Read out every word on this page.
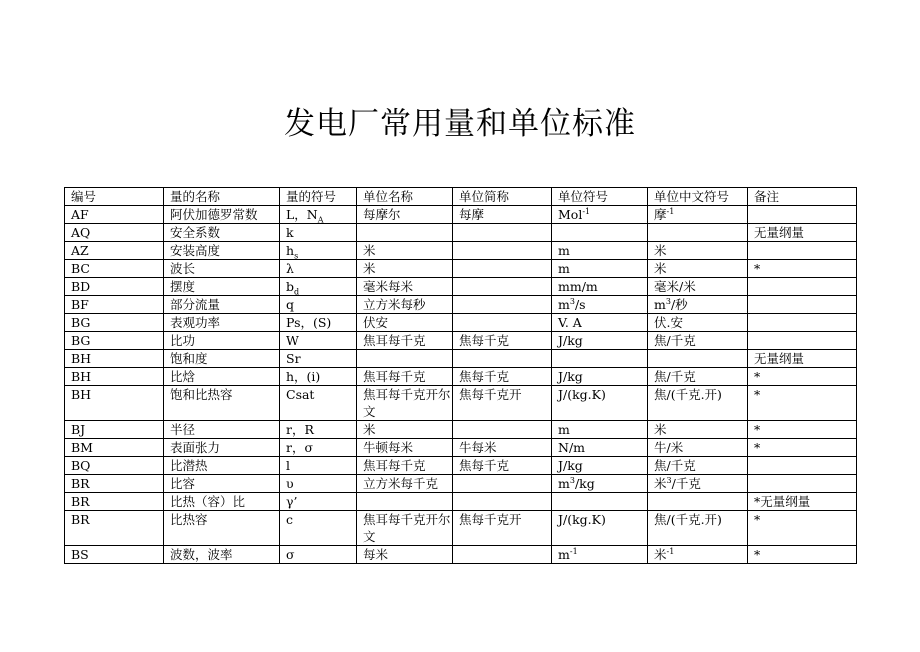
发电厂常用量和单位标准
编号	量的名称	量的符号	单位名称	单位简称	单位符号	单位中文符号	备注
AF	阿伏加德罗常数	L，$N_A$	每摩尔	每摩	Mol$^{-1}$	摩$^{-1}$	
AQ	安全系数	k					无量纲量
AZ	安装高度	$h_s$	米		m	米	
BC	波长	λ	米		m	米	*
BD	摆度	$b_d$	毫米每米		mm/m	毫米/米	
BF	部分流量	q	立方米每秒		$m^3/s$	$m^3/$秒	
BG	表观功率	Ps，(S)	伏安		V. A	伏.安	
BG	比功	W	焦耳每千克	焦每千克	J/kg	焦/千克	
BH	饱和度	Sr					无量纲量
BH	比焓	h，(i)	焦耳每千克	焦每千克	J/kg	焦/千克	*
BH	饱和比热容	Csat	焦耳每千克开尔文	焦每千克开	J/(kg.K)	焦/(千克.开)	*
BJ	半径	r，R	米		m	米	*
BM	表面张力	r，σ	牛顿每米	牛每米	N/m	牛/米	*
BQ	比潜热	l	焦耳每千克	焦每千克	J/kg	焦/千克	
BR	比容	υ	立方米每千克		$m^3/kg$	米$^3$/千克	
BR	比热（容）比	γ’					*无量纲量
BR	比热容	c	焦耳每千克开尔文	焦每千克开	J/(kg.K)	焦/(千克.开)	*
BS	波数，波率	σ	每米		$m^{-1}$	米$^{-1}$	*
